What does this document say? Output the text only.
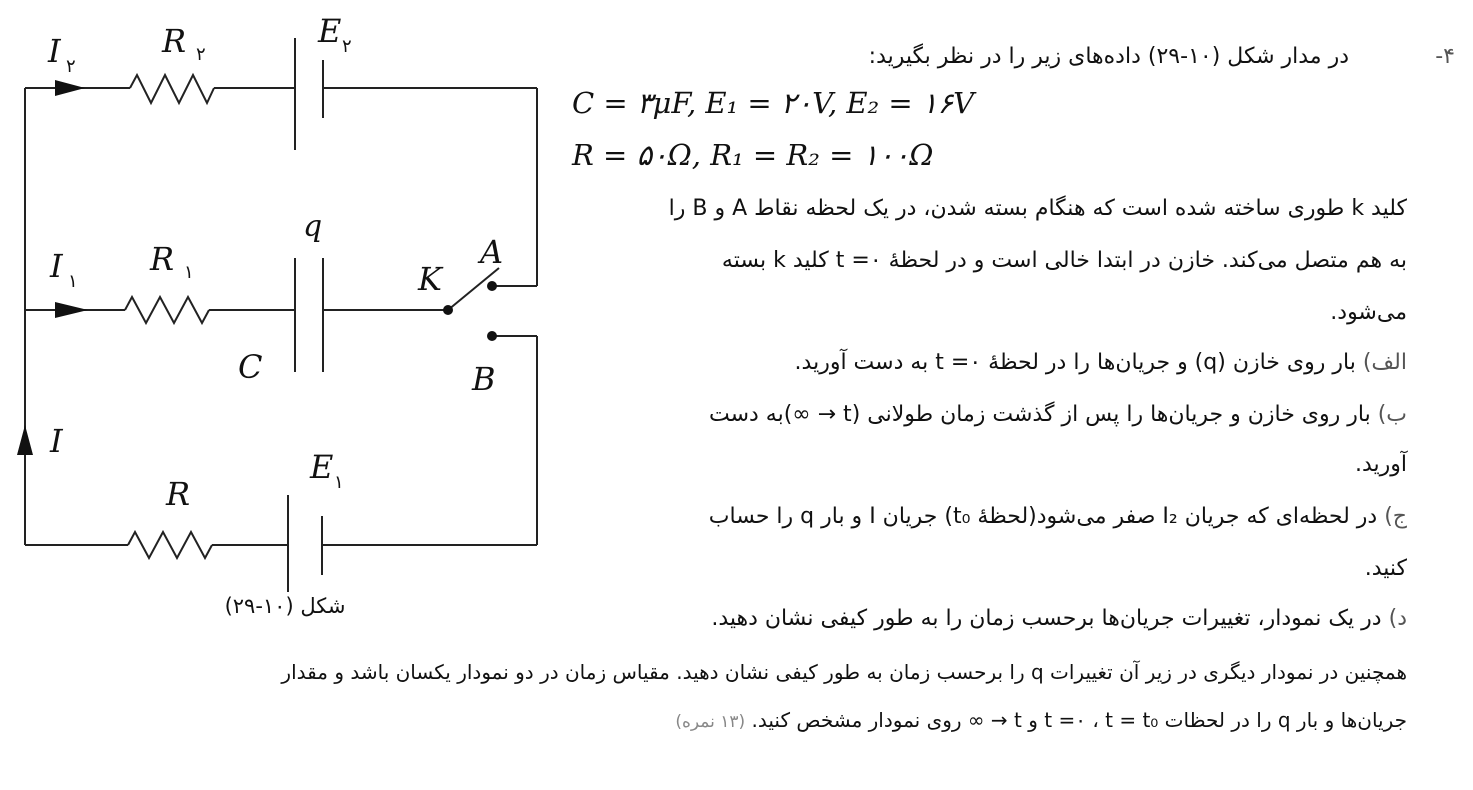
I ۲
R ۲
E ۲
I ۱
R ۱
q
C
K
A
B
I
R
E ۱
شکل (۱۰-۲۹)
-۴
در مدار شکل (۱۰-۲۹) داده‌های زیر را در نظر بگیرید:
C = ۳μF, E₁ = ۲۰V, E₂ = ۱۶V
R = ۵۰Ω, R₁ = R₂ = ۱۰۰Ω
کلید k طوری ساخته شده است که هنگام بسته شدن، در یک لحظه نقاط A و B را
به هم متصل می‌کند. خازن در ابتدا خالی است و در لحظهٔ t =۰ کلید k بسته
می‌شود.
الف) بار روی خازن (q) و جریان‌ها را در لحظهٔ t =۰ به دست آورید.
ب) بار روی خازن و جریان‌ها را پس از گذشت زمان طولانی (t → ∞)به دست
آورید.
ج) در لحظه‌ای که جریان I₂ صفر می‌شود(لحظهٔ t₀) جریان I و بار q را حساب
کنید.
د) در یک نمودار، تغییرات جریان‌ها برحسب زمان را به طور کیفی نشان دهید.
همچنین در نمودار دیگری در زیر آن تغییرات q را برحسب زمان به طور کیفی نشان دهید. مقیاس زمان در دو نمودار یکسان باشد و مقدار
جریان‌ها و بار q را در لحظات t =۰ ، t = t₀ و t → ∞ روی نمودار مشخص کنید. (۱۳ نمره)
